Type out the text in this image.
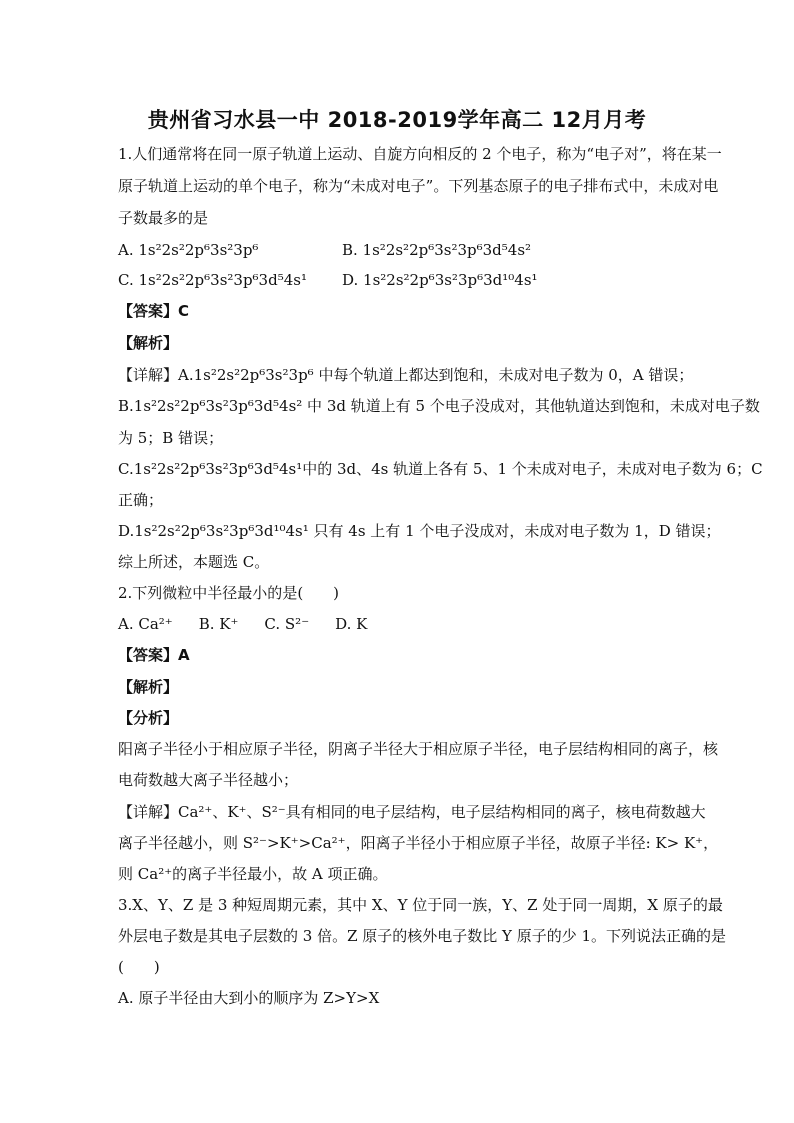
贵州省习水县一中 2018-2019学年高二 12月月考
1.人们通常将在同一原子轨道上运动、自旋方向相反的 2 个电子，称为“电子对”，将在某一
原子轨道上运动的单个电子，称为“未成对电子”。下列基态原子的电子排布式中，未成对电
子数最多的是
A. 1s²2s²2p⁶3s²3p⁶	B. 1s²2s²2p⁶3s²3p⁶3d⁵4s²
C. 1s²2s²2p⁶3s²3p⁶3d⁵4s¹ D. 1s²2s²2p⁶3s²3p⁶3d¹⁰4s¹
【答案】C
【解析】
【详解】A.1s²2s²2p⁶3s²3p⁶ 中每个轨道上都达到饱和，未成对电子数为 0，A 错误；
B.1s²2s²2p⁶3s²3p⁶3d⁵4s² 中 3d 轨道上有 5 个电子没成对，其他轨道达到饱和，未成对电子数
为 5；B 错误；
C.1s²2s²2p⁶3s²3p⁶3d⁵4s¹中的 3d、4s 轨道上各有 5、1 个未成对电子，未成对电子数为 6；C
正确；
D.1s²2s²2p⁶3s²3p⁶3d¹⁰4s¹ 只有 4s 上有 1 个电子没成对，未成对电子数为 1，D 错误；
综上所述，本题选 C。
2.下列微粒中半径最小的是(　　)
A. Ca²⁺ B. K⁺ C. S²⁻ D. K
【答案】A
【解析】
【分析】
阳离子半径小于相应原子半径，阴离子半径大于相应原子半径，电子层结构相同的离子，核
电荷数越大离子半径越小；
【详解】Ca²⁺、K⁺、S²⁻具有相同的电子层结构，电子层结构相同的离子，核电荷数越大
离子半径越小，则 S²⁻>K⁺>Ca²⁺，阳离子半径小于相应原子半径，故原子半径: K> K⁺，
则 Ca²⁺的离子半径最小，故 A 项正确。
3.X、Y、Z 是 3 种短周期元素，其中 X、Y 位于同一族，Y、Z 处于同一周期，X 原子的最
外层电子数是其电子层数的 3 倍。Z 原子的核外电子数比 Y 原子的少 1。下列说法正确的是
(　　)
A. 原子半径由大到小的顺序为 Z>Y>X
